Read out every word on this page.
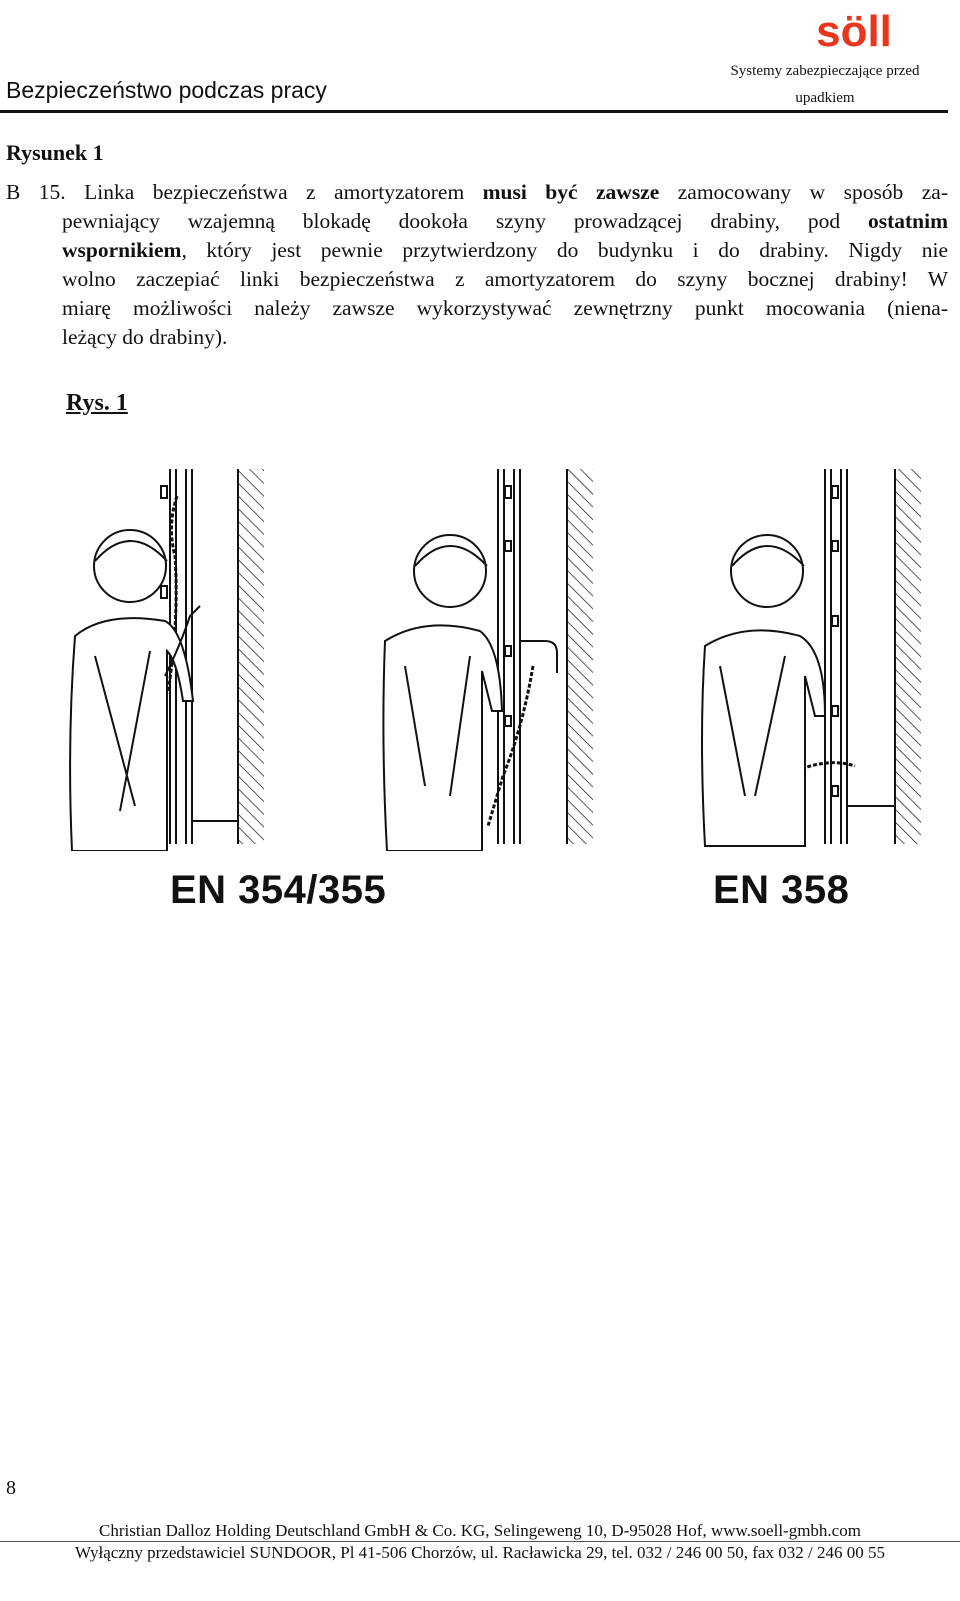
söll
Systemy zabezpieczające przed
upadkiem
Bezpieczeństwo podczas pracy
Rysunek 1
B 15. Linka bezpieczeństwa z amortyzatorem musi być zawsze zamocowany w sposób za-
pewniający wzajemną blokadę dookoła szyny prowadzącej drabiny, pod ostatnim
wspornikiem, który jest pewnie przytwierdzony do budynku i do drabiny. Nigdy nie
wolno zaczepiać linki bezpieczeństwa z amortyzatorem do szyny bocznej drabiny! W
miarę możliwości należy zawsze wykorzystywać zewnętrzny punkt mocowania (niena-
leżący do drabiny).
Rys. 1
EN 354/355	EN 358
8
Christian Dalloz Holding Deutschland GmbH & Co. KG, Selingeweng 10, D-95028 Hof, www.soell-gmbh.com
Wyłączny przedstawiciel SUNDOOR, Pl 41-506 Chorzów, ul. Racławicka 29, tel. 032 / 246 00 50, fax 032 / 246 00 55
